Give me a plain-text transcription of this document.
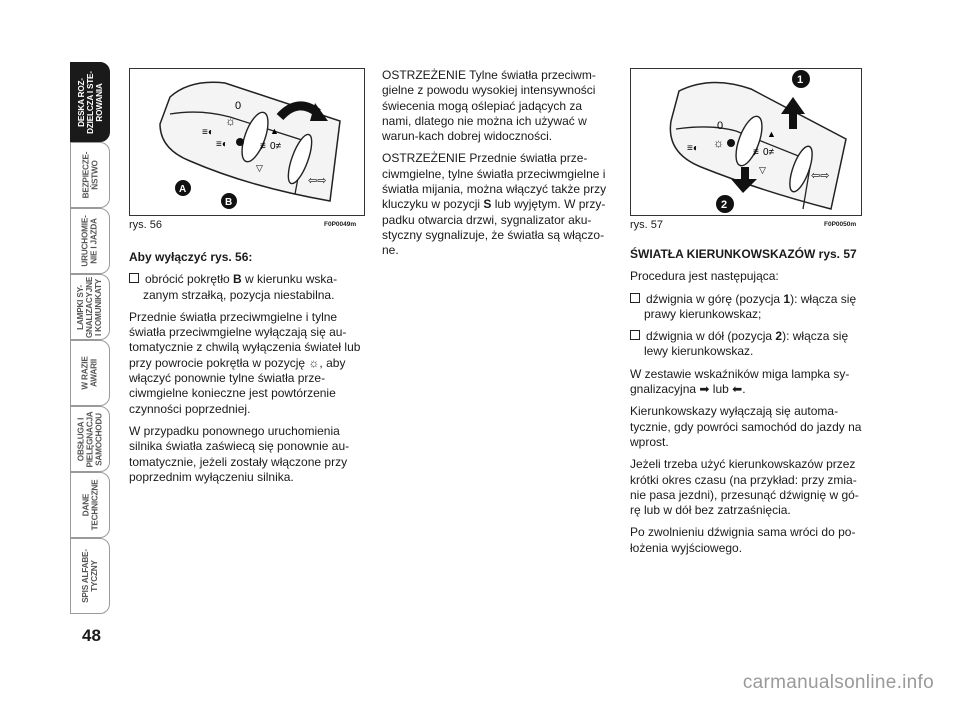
DESKA ROZ-
DZIELCZA I STE-
ROWANIA
BEZPIECZE-
ŃSTWO
URUCHOMIE-
NIE I JAZDA
LAMPKI SY-
GNALIZACYJNE
I KOMUNIKATY
W RAZIE
AWARII
OBSŁUGA I
PIELĘGNACJA
SAMOCHODU
DANE
TECHNICZNE
SPIS ALFABE-
TYCZNY
48
0
☼
≡◐
≡◐	≢0≠
▲
▽
⇦⇨
A
B
rys. 56	F0P0049m

Aby wyłączyć rys. 56:

obrócić pokrętło B w kierunku wska-zanym strzałką, pozycja niestabilna.

Przednie światła przeciwmgielne i tylne światła przeciwmgielne wyłączają się au-tomatycznie z chwilą wyłączenia świateł lub przy powrocie pokrętła w pozycję ☼, aby włączyć ponownie tylne światła prze-ciwmgielne konieczne jest powtórzenie czynności poprzedniej.

W przypadku ponownego uruchomienia silnika światła zaświecą się ponownie au-tomatycznie, jeżeli zostały włączone przy poprzednim wyłączeniu silnika.

OSTRZEŻENIE Tylne światła przeciwm-gielne z powodu wysokiej intensywności świecenia mogą oślepiać jadących za nami, dlatego nie można ich używać w warun-kach dobrej widoczności.

OSTRZEŻENIE Przednie światła prze-ciwmgielne, tylne światła przeciwmgielne i światła mijania, można włączyć także przy kluczyku w pozycji S lub wyjętym. W przy-padku otwarcia drzwi, sygnalizator aku-styczny sygnalizuje, że światła są włączo-ne.

0
☼
≡◐	≢0≠
▲
▽	⇦⇨
1
2
rys. 57	F0P0050m

ŚWIATŁA KIERUNKOWSKAZÓW rys. 57

Procedura jest następująca:

dźwignia w górę (pozycja 1): włącza się prawy kierunkowskaz;

dźwignia w dół (pozycja 2): włącza się lewy kierunkowskaz.

W zestawie wskaźników miga lampka sy-gnalizacyjna ➡ lub ⬅.

Kierunkowskazy wyłączają się automa-tycznie, gdy powróci samochód do jazdy na wprost.

Jeżeli trzeba użyć kierunkowskazów przez krótki okres czasu (na przykład: przy zmia-nie pasa jezdni), przesunąć dźwignię w gó-rę lub w dół bez zatrzaśnięcia.

Po zwolnieniu dźwignia sama wróci do po-łożenia wyjściowego.

carmanualsonline.info
